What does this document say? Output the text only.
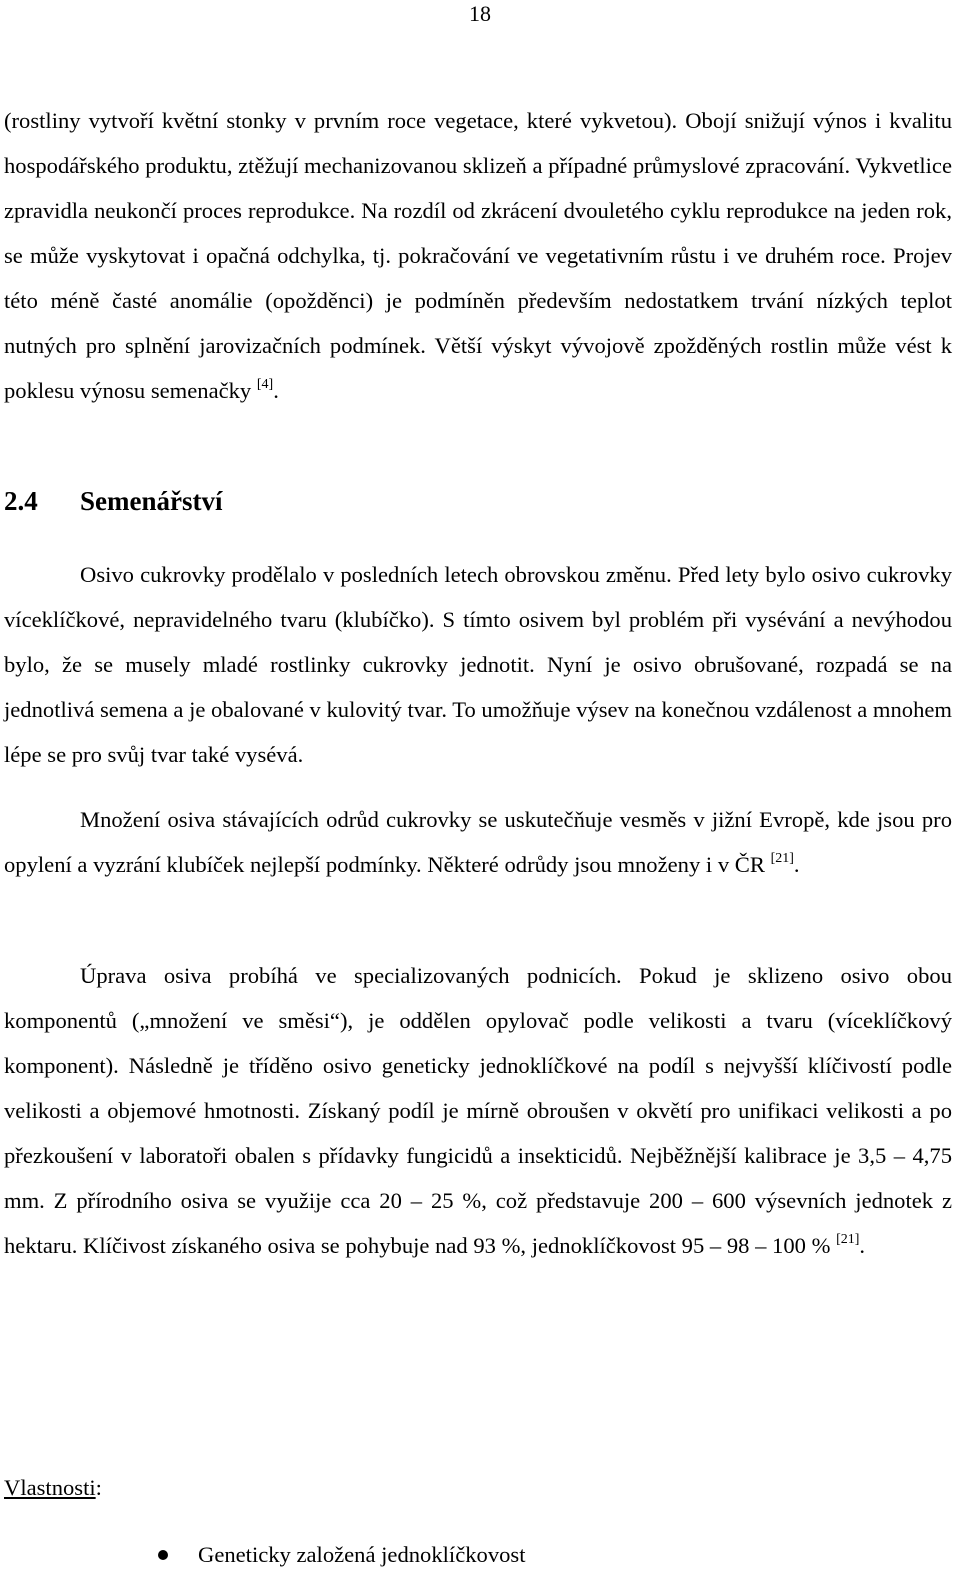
18

(rostliny vytvoří květní stonky v prvním roce vegetace, které vykvetou). Obojí snižují výnos i kvalitu hospodářského produktu, ztěžují mechanizovanou sklizeň a případné průmyslové zpracování. Vykvetlice zpravidla neukončí proces reprodukce. Na rozdíl od zkrácení dvouletého cyklu reprodukce na jeden rok, se může vyskytovat i opačná odchylka, tj. pokračování ve vegetativním růstu i ve druhém roce. Projev této méně časté anomálie (opožděnci) je podmíněn především nedostatkem trvání nízkých teplot nutných pro splnění jarovizačních podmínek. Větší výskyt vývojově zpožděných rostlin může vést k poklesu výnosu semenačky [4].

2.4 Semenářství

Osivo cukrovky prodělalo v posledních letech obrovskou změnu. Před lety bylo osivo cukrovky víceklíčkové, nepravidelného tvaru (klubíčko). S tímto osivem byl problém při vysévání a nevýhodou bylo, že se musely mladé rostlinky cukrovky jednotit. Nyní je osivo obrušované, rozpadá se na jednotlivá semena a je obalované v kulovitý tvar. To umožňuje výsev na konečnou vzdálenost a mnohem lépe se pro svůj tvar také vysévá.

Množení osiva stávajících odrůd cukrovky se uskutečňuje vesměs v jižní Evropě, kde jsou pro opylení a vyzrání klubíček nejlepší podmínky. Některé odrůdy jsou množeny i v ČR [21].

Úprava osiva probíhá ve specializovaných podnicích. Pokud je sklizeno osivo obou komponentů („množení ve směsi“), je oddělen opylovač podle velikosti a tvaru (víceklíčkový komponent). Následně je tříděno osivo geneticky jednoklíčkové na podíl s nejvyšší klíčivostí podle velikosti a objemové hmotnosti. Získaný podíl je mírně obroušen v okvětí pro unifikaci velikosti a po přezkoušení v laboratoři obalen s přídavky fungicidů a insekticidů. Nejběžnější kalibrace je 3,5 – 4,75 mm. Z přírodního osiva se využije cca 20 – 25 %, což představuje 200 – 600 výsevních jednotek z hektaru. Klíčivost získaného osiva se pohybuje nad 93 %, jednoklíčkovost 95 – 98 – 100 % [21].

Vlastnosti:

Geneticky založená jednoklíčkovost
